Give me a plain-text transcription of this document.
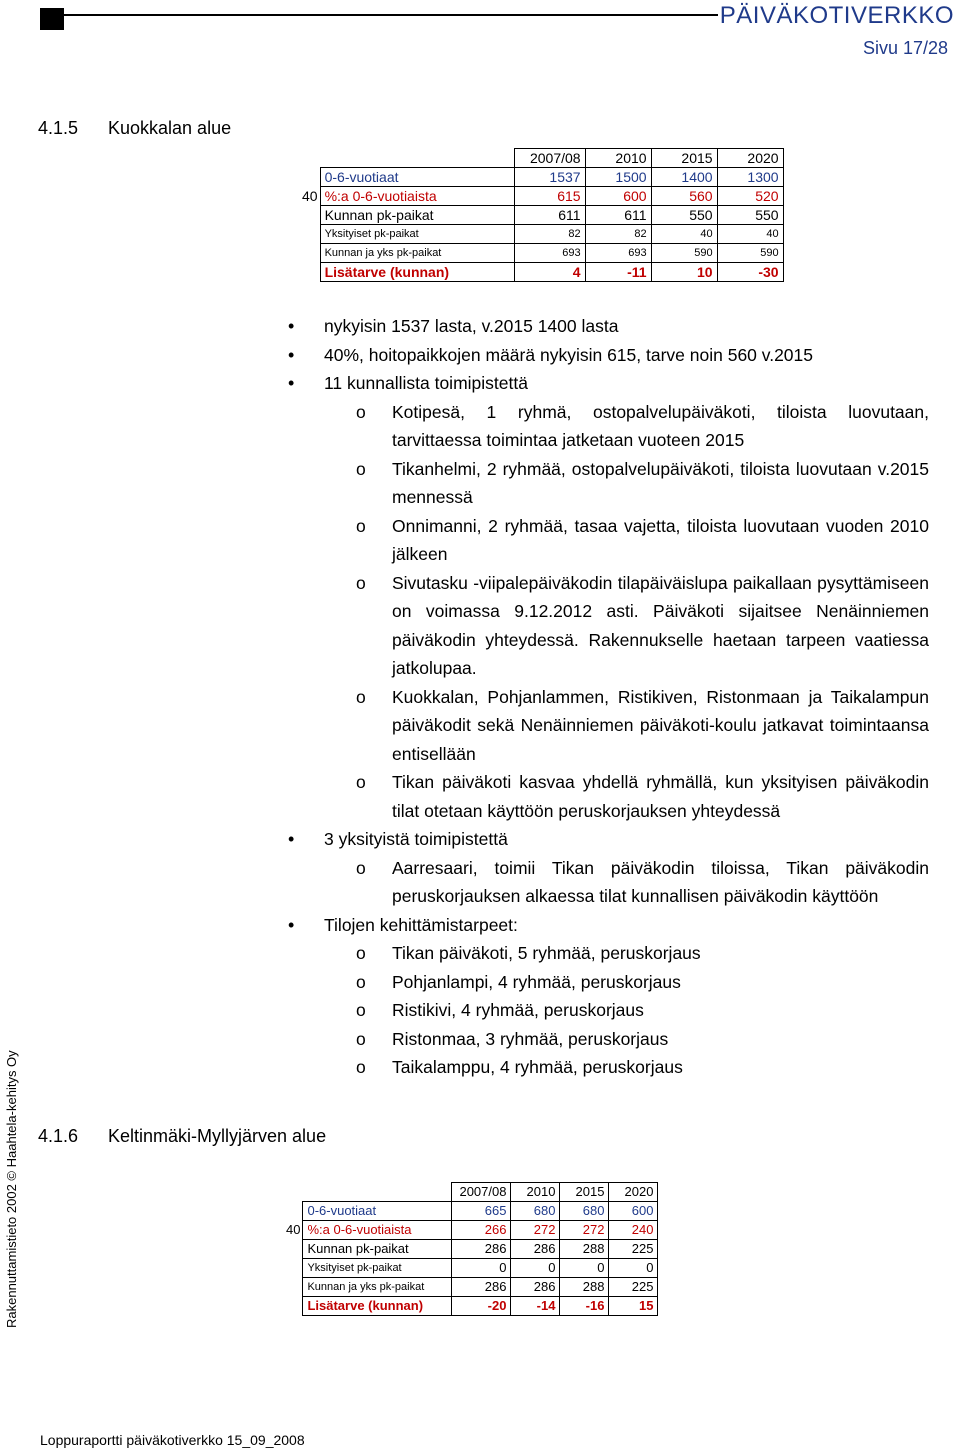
PÄIVÄKOTIVERKKO
Sivu 17/28
4.1.5 Kuokkalan alue
		2007/08	2010	2015	2020
	0-6-vuotiaat	1537	1500	1400	1300
40	%:a 0-6-vuotiaista	615	600	560	520
	Kunnan pk-paikat	611	611	550	550
	Yksityiset pk-paikat	82	82	40	40
	Kunnan ja yks pk-paikat	693	693	590	590
	Lisätarve (kunnan)	4	-11	10	-30
• nykyisin 1537 lasta, v.2015 1400 lasta
• 40%, hoitopaikkojen määrä nykyisin 615, tarve noin 560 v.2015
• 11 kunnallista toimipistettä
o Kotipesä, 1 ryhmä, ostopalvelupäiväkoti, tiloista luovutaan, tarvittaessa toimintaa jatketaan vuoteen 2015
o Tikanhelmi, 2 ryhmää, ostopalvelupäiväkoti, tiloista luovutaan v.2015 mennessä
o Onnimanni, 2 ryhmää, tasaa vajetta, tiloista luovutaan vuoden 2010 jälkeen
o Sivutasku -viipalepäiväkodin tilapäiväislupa paikallaan pysyttämiseen on voimassa 9.12.2012 asti. Päiväkoti sijaitsee Nenäinniemen päiväkodin yhteydessä. Rakennukselle haetaan tarpeen vaatiessa jatkolupaa.
o Kuokkalan, Pohjanlammen, Ristikiven, Ristonmaan ja Taikalampun päiväkodit sekä Nenäinniemen päiväkoti-koulu jatkavat toimintaansa entisellään
o Tikan päiväkoti kasvaa yhdellä ryhmällä, kun yksityisen päiväkodin tilat otetaan käyttöön peruskorjauksen yhteydessä
• 3 yksityistä toimipistettä
o Aarresaari, toimii Tikan päiväkodin tiloissa, Tikan päiväkodin peruskorjauksen alkaessa tilat kunnallisen päiväkodin käyttöön
• Tilojen kehittämistarpeet:
o Tikan päiväkoti, 5 ryhmää, peruskorjaus
o Pohjanlampi, 4 ryhmää, peruskorjaus
o Ristikivi, 4 ryhmää, peruskorjaus
o Ristonmaa, 3 ryhmää, peruskorjaus
o Taikalamppu, 4 ryhmää, peruskorjaus
4.1.6 Keltinmäki-Myllyjärven alue
		2007/08	2010	2015	2020
	0-6-vuotiaat	665	680	680	600
40	%:a 0-6-vuotiaista	266	272	272	240
	Kunnan pk-paikat	286	286	288	225
	Yksityiset pk-paikat	0	0	0	0
	Kunnan ja yks pk-paikat	286	286	288	225
	Lisätarve (kunnan)	-20	-14	-16	15
Rakennuttamistieto 2002 © Haahtela-kehitys Oy
Loppuraportti päiväkotiverkko 15_09_2008
